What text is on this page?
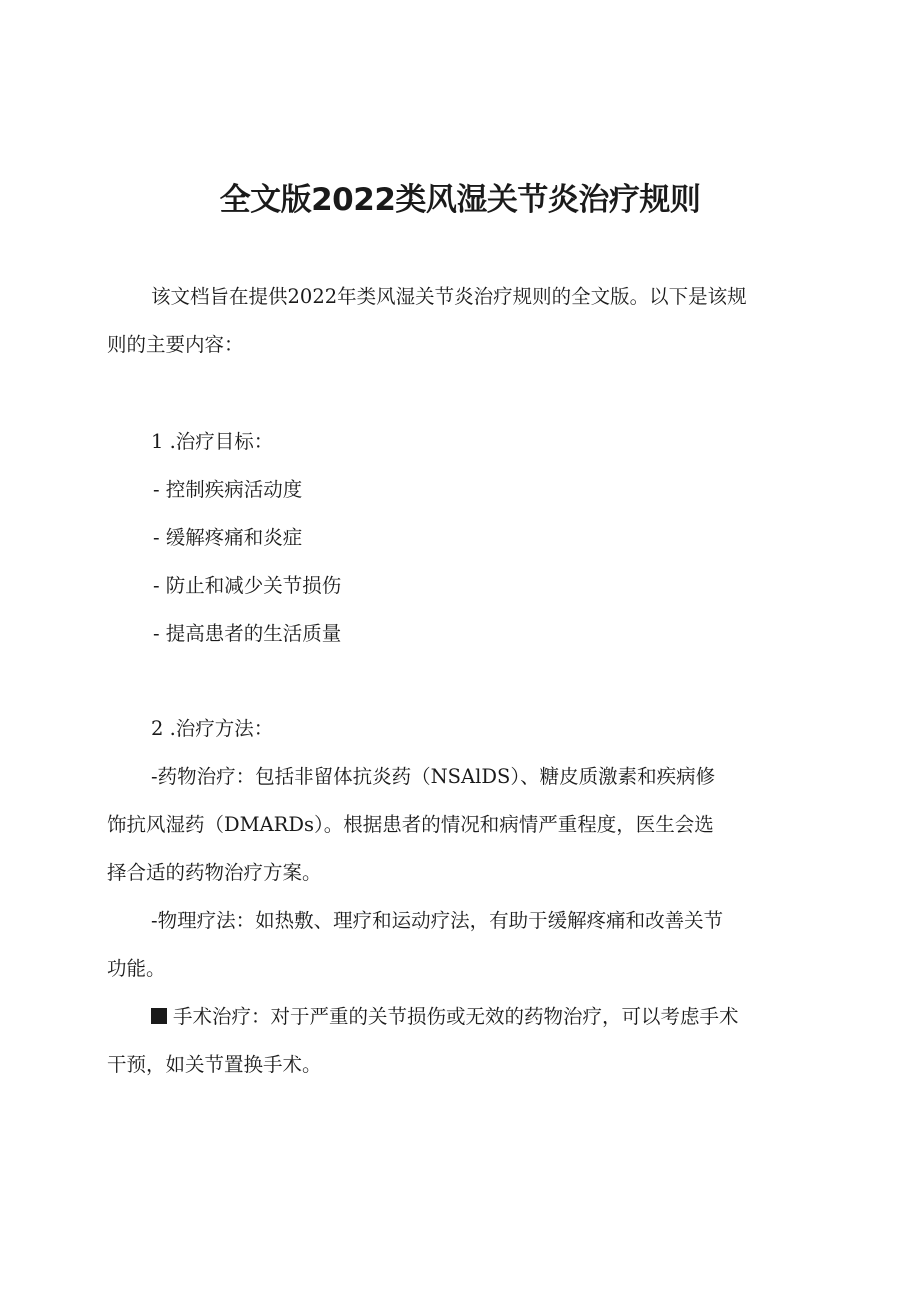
全文版2022类风湿关节炎治疗规则
该文档旨在提供2022年类风湿关节炎治疗规则的全文版。以下是该规
则的主要内容：
1 .治疗目标：
- 控制疾病活动度
- 缓解疼痛和炎症
- 防止和减少关节损伤
- 提高患者的生活质量
2 .治疗方法：
-药物治疗：包括非留体抗炎药（NSAlDS）、糖皮质激素和疾病修
饰抗风湿药（DMARDs）。根据患者的情况和病情严重程度，医生会选
择合适的药物治疗方案。
-物理疗法：如热敷、理疗和运动疗法，有助于缓解疼痛和改善关节
功能。
手术治疗：对于严重的关节损伤或无效的药物治疗，可以考虑手术
干预，如关节置换手术。
